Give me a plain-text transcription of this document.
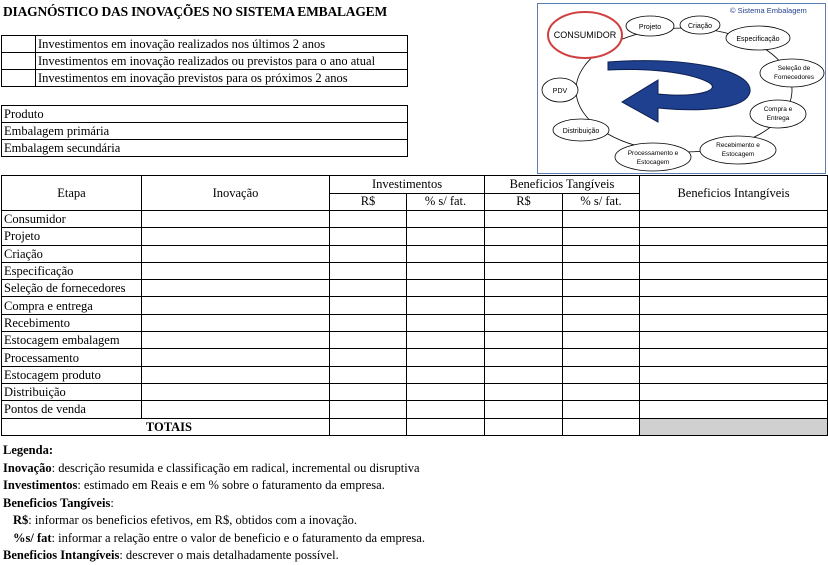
DIAGNÓSTICO DAS INOVAÇÕES NO SISTEMA EMBALAGEM
	Investimentos em inovação realizados nos últimos 2 anos
	Investimentos em inovação realizados ou previstos para o ano atual
	Investimentos em inovação previstos para os próximos 2 anos
Produto
Embalagem primária
Embalagem secundária
© Sistema Embalagem
CONSUMIDOR
Projeto	Criação
Especificação
Seleção de
Fornecedores
Compra e
Entrega
Recebimento e
Estocagem
Processamento e
Estocagem
Distribuição
PDV
Etapa	Inovação	Investimentos		Beneficios Tangíveis		Beneficios Intangíveis
		R$	% s/ fat.	R$	% s/ fat.	
Consumidor						
Projeto						
Criação						
Especificação						
Seleção de fornecedores						
Compra e entrega						
Recebimento						
Estocagem embalagem						
Processamento						
Estocagem produto						
Distribuição						
Pontos de venda						
TOTAIS						
Legenda:
Inovação: descrição resumida e classificação em radical, incremental ou disruptiva
Investimentos: estimado em Reais e em % sobre o faturamento da empresa.
Beneficios Tangíveis:
R$: informar os beneficios efetivos, em R$, obtidos com a inovação.
%s/ fat: informar a relação entre o valor de beneficio e o faturamento da empresa.
Beneficios Intangíveis: descrever o mais detalhadamente possível.
